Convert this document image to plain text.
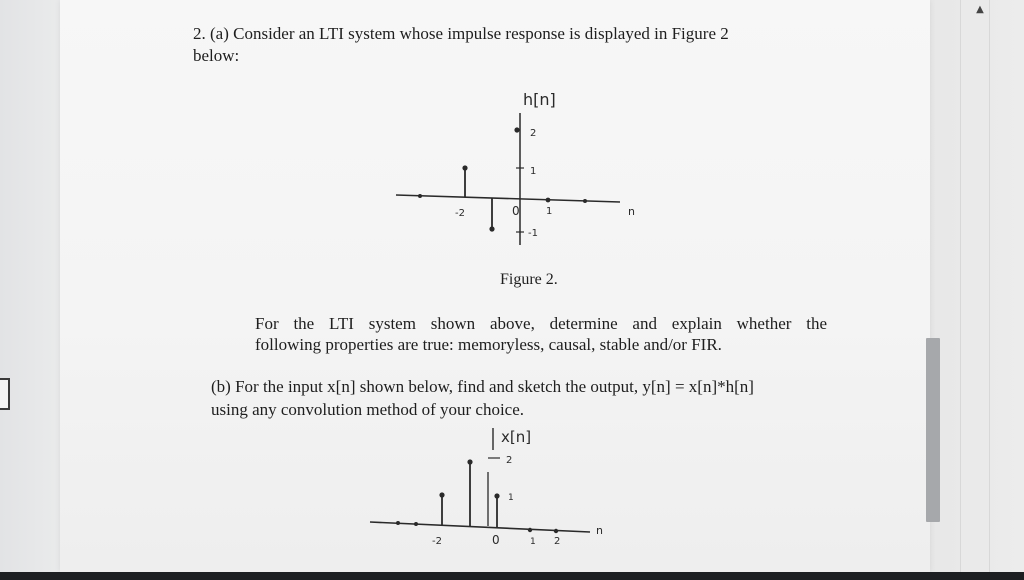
▲
2. (a) Consider an LTI system whose impulse response is displayed in Figure 2
below:
h[n]
n
2
1
-1
-2	0	1
Figure 2.
For the LTI system shown above, determine and explain whether the
following properties are true: memoryless, causal, stable and/or FIR.
(b) For the input x[n] shown below, find and sketch the output, y[n] = x[n]*h[n]
using any convolution method of your choice.
x[n]
2
1
n
-2	0	1 2
